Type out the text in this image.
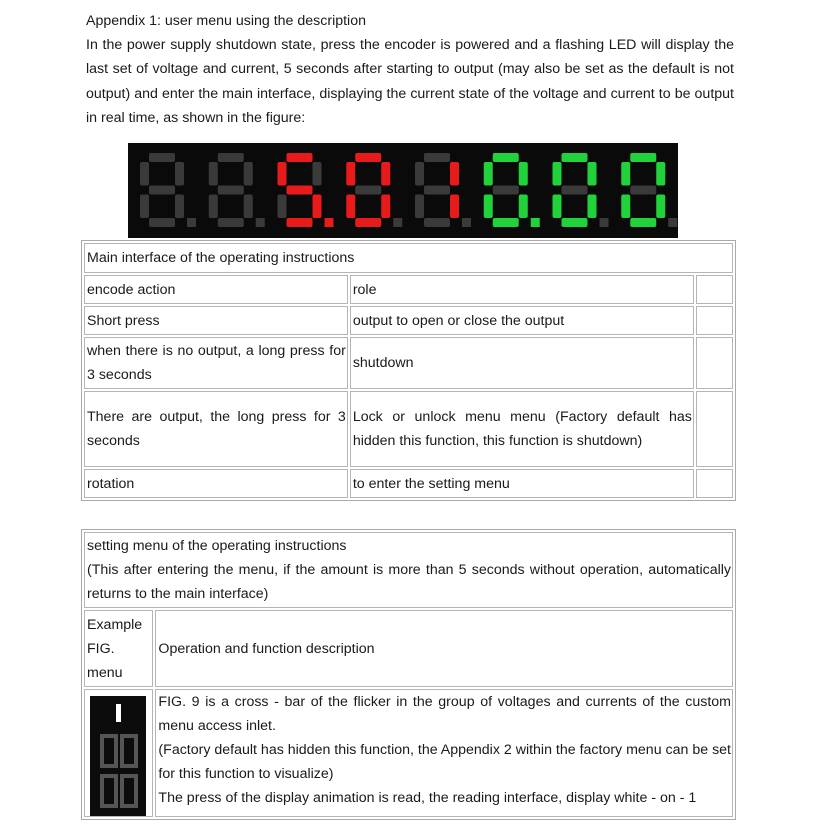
Appendix 1: user menu using the description
In the power supply shutdown state, press the encoder is powered and a flashing LED will display the last set of voltage and current, 5 seconds after starting to output (may also be set as the default is not output) and enter the main interface, displaying the current state of the voltage and current to be output in real time, as shown in the figure:
Main interface of the operating instructions		
encode action	role	
Short press	output to open or close the output	
when there is no output, a long press for 3 seconds	shutdown	
There are output, the long press for 3 seconds	Lock or unlock menu menu (Factory default has hidden this function, this function is shutdown)	
rotation	to enter the setting menu	
setting menu of the operating instructions
(This after entering the menu, if the amount is more than 5 seconds without operation, automatically returns to the main interface)	

Example FIG. menu	Operation and function description

FIG. 9 is a cross - bar of the flicker in the group of voltages and currents of the custom menu access inlet.
(Factory default has hidden this function, the Appendix 2 within the factory menu can be set for this function to visualize)
The press of the display animation is read, the reading interface, display white - on - 1
